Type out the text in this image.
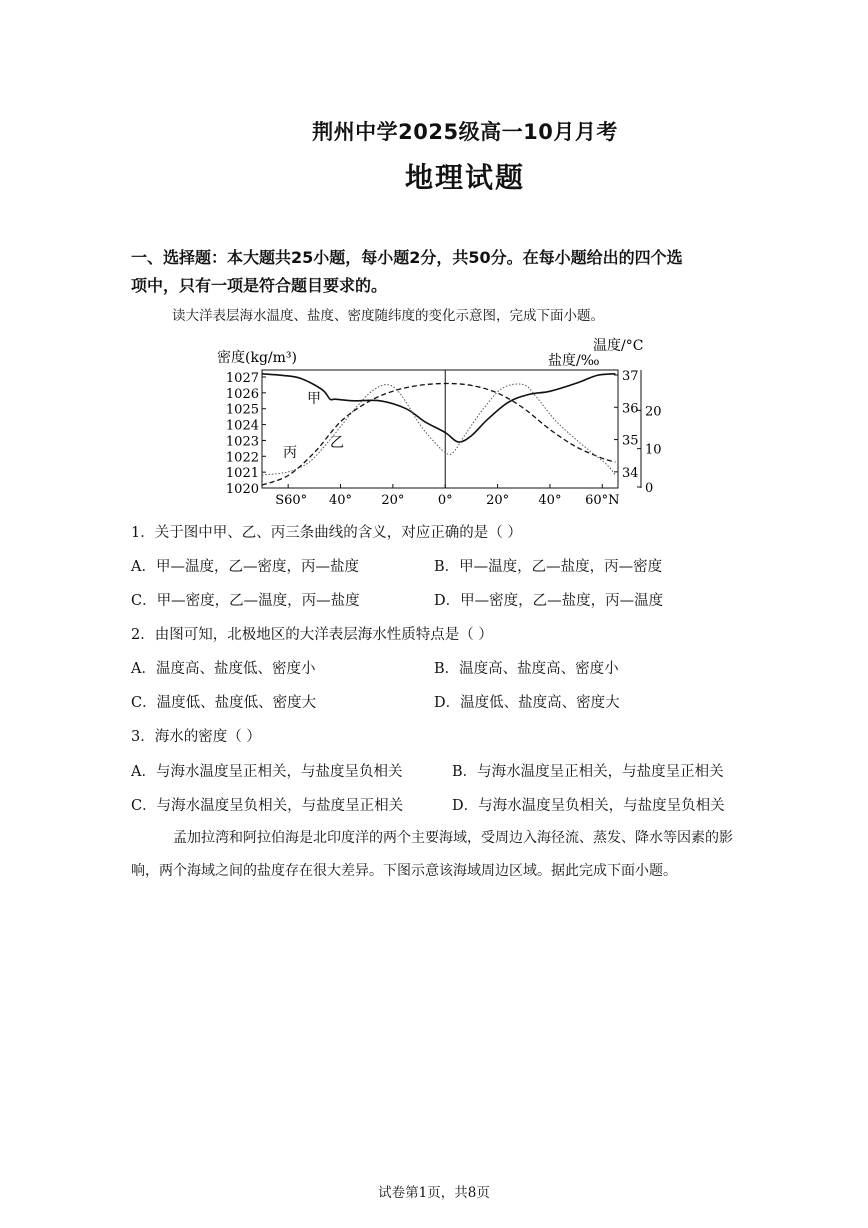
荆州中学2025级高一10月月考
地理试题
一、选择题：本大题共25小题，每小题2分，共50分。在每小题给出的四个选
项中，只有一项是符合题目要求的。
读大洋表层海水温度、盐度、密度随纬度的变化示意图，完成下面小题。
1027
1026
1025
1024
1023
1022
1021
1020
密度(kg/m³)
37
36
35
34
盐度/‰
20
10
0
温度/°C
S60° 40° 20°	0°	20° 40° 60°N
甲
乙
丙
1．关于图中甲、乙、丙三条曲线的含义，对应正确的是（ ）
A．甲—温度，乙—密度，丙—盐度	B．甲—温度，乙—盐度，丙—密度
C．甲—密度，乙—温度，丙—盐度	D．甲—密度，乙—盐度，丙—温度
2．由图可知，北极地区的大洋表层海水性质特点是（ ）
A．温度高、盐度低、密度小	B．温度高、盐度高、密度小
C．温度低、盐度低、密度大	D．温度低、盐度高、密度大
3．海水的密度（ ）
A．与海水温度呈正相关，与盐度呈负相关	B．与海水温度呈正相关，与盐度呈正相关
C．与海水温度呈负相关，与盐度呈正相关	D．与海水温度呈负相关，与盐度呈负相关
孟加拉湾和阿拉伯海是北印度洋的两个主要海域，受周边入海径流、蒸发、降水等因素的影响，两个海域之间的盐度存在很大差异。下图示意该海域周边区域。据此完成下面小题。
试卷第1页，共8页
